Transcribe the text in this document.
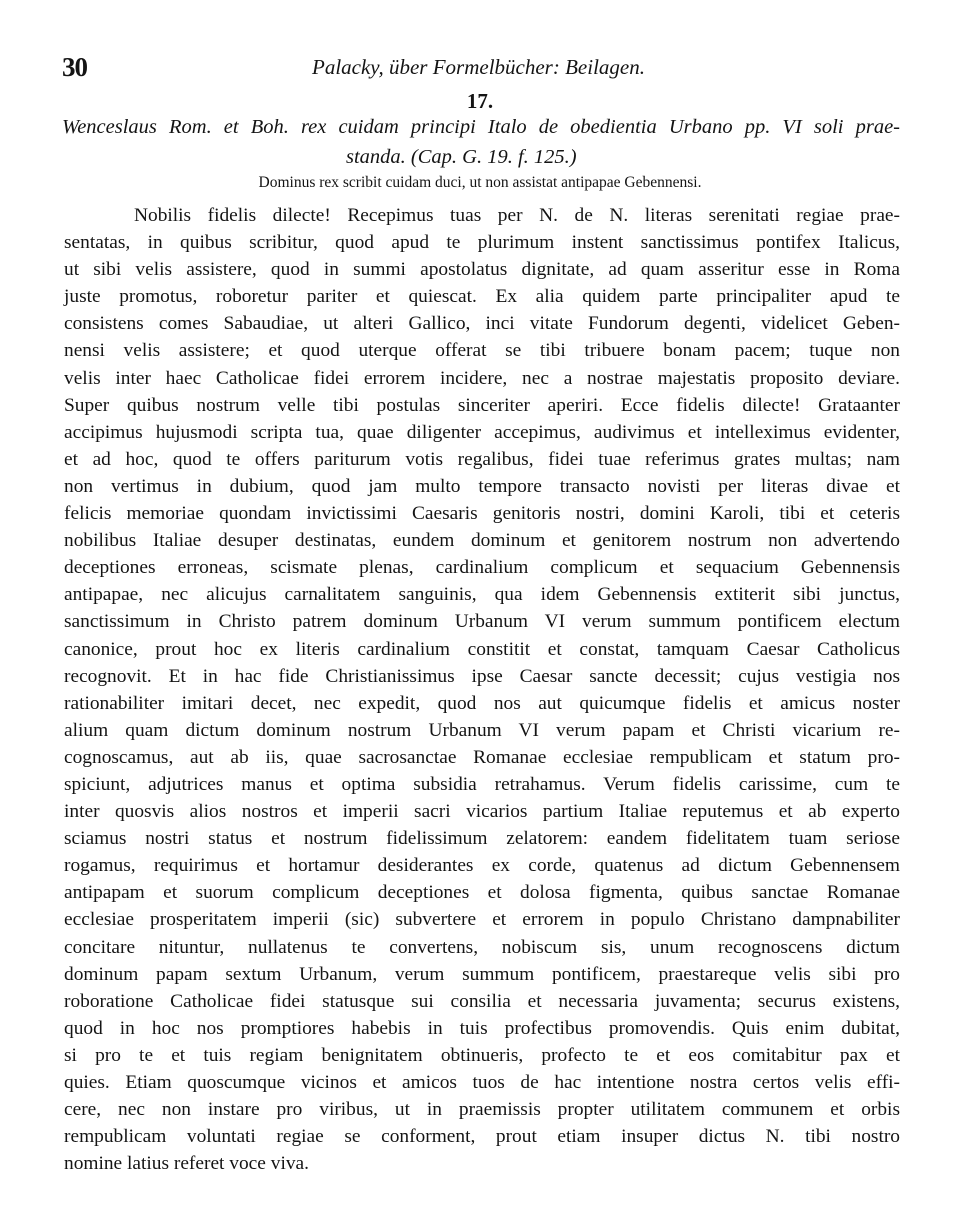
30	Palacky, über Formelbücher: Beilagen.
17.
Wenceslaus Rom. et Boh. rex cuidam principi Italo de obedientia Urbano pp. VI soli prae-
standa. (Cap. G. 19. f. 125.)
Dominus rex scribit cuidam duci, ut non assistat antipapae Gebennensi.
Nobilis fidelis dilecte! Recepimus tuas per N. de N. literas serenitati regiae prae-
sentatas, in quibus scribitur, quod apud te plurimum instent sanctissimus pontifex Italicus,
ut sibi velis assistere, quod in summi apostolatus dignitate, ad quam asseritur esse in Roma
juste promotus, roboretur pariter et quiescat. Ex alia quidem parte principaliter apud te
consistens comes Sabaudiae, ut alteri Gallico, inci vitate Fundorum degenti, videlicet Geben-
nensi velis assistere; et quod uterque offerat se tibi tribuere bonam pacem; tuque non
velis inter haec Catholicae fidei errorem incidere, nec a nostrae majestatis proposito deviare.
Super quibus nostrum velle tibi postulas sinceriter aperiri. Ecce fidelis dilecte! Grataanter
accipimus hujusmodi scripta tua, quae diligenter accepimus, audivimus et intelleximus evidenter,
et ad hoc, quod te offers pariturum votis regalibus, fidei tuae referimus grates multas; nam
non vertimus in dubium, quod jam multo tempore transacto novisti per literas divae et
felicis memoriae quondam invictissimi Caesaris genitoris nostri, domini Karoli, tibi et ceteris
nobilibus Italiae desuper destinatas, eundem dominum et genitorem nostrum non advertendo
deceptiones erroneas, scismate plenas, cardinalium complicum et sequacium Gebennensis
antipapae, nec alicujus carnalitatem sanguinis, qua idem Gebennensis extiterit sibi junctus,
sanctissimum in Christo patrem dominum Urbanum VI verum summum pontificem electum
canonice, prout hoc ex literis cardinalium constitit et constat, tamquam Caesar Catholicus
recognovit. Et in hac fide Christianissimus ipse Caesar sancte decessit; cujus vestigia nos
rationabiliter imitari decet, nec expedit, quod nos aut quicumque fidelis et amicus noster
alium quam dictum dominum nostrum Urbanum VI verum papam et Christi vicarium re-
cognoscamus, aut ab iis, quae sacrosanctae Romanae ecclesiae rempublicam et statum pro-
spiciunt, adjutrices manus et optima subsidia retrahamus. Verum fidelis carissime, cum te
inter quosvis alios nostros et imperii sacri vicarios partium Italiae reputemus et ab experto
sciamus nostri status et nostrum fidelissimum zelatorem: eandem fidelitatem tuam seriose
rogamus, requirimus et hortamur desiderantes ex corde, quatenus ad dictum Gebennensem
antipapam et suorum complicum deceptiones et dolosa figmenta, quibus sanctae Romanae
ecclesiae prosperitatem imperii (sic) subvertere et errorem in populo Christano dampnabiliter
concitare nituntur, nullatenus te convertens, nobiscum sis, unum recognoscens dictum
dominum papam sextum Urbanum, verum summum pontificem, praestareque velis sibi pro
roboratione Catholicae fidei statusque sui consilia et necessaria juvamenta; securus existens,
quod in hoc nos promptiores habebis in tuis profectibus promovendis. Quis enim dubitat,
si pro te et tuis regiam benignitatem obtinueris, profecto te et eos comitabitur pax et
quies. Etiam quoscumque vicinos et amicos tuos de hac intentione nostra certos velis effi-
cere, nec non instare pro viribus, ut in praemissis propter utilitatem communem et orbis
rempublicam voluntati regiae se conforment, prout etiam insuper dictus N. tibi nostro
nomine latius referet voce viva.
